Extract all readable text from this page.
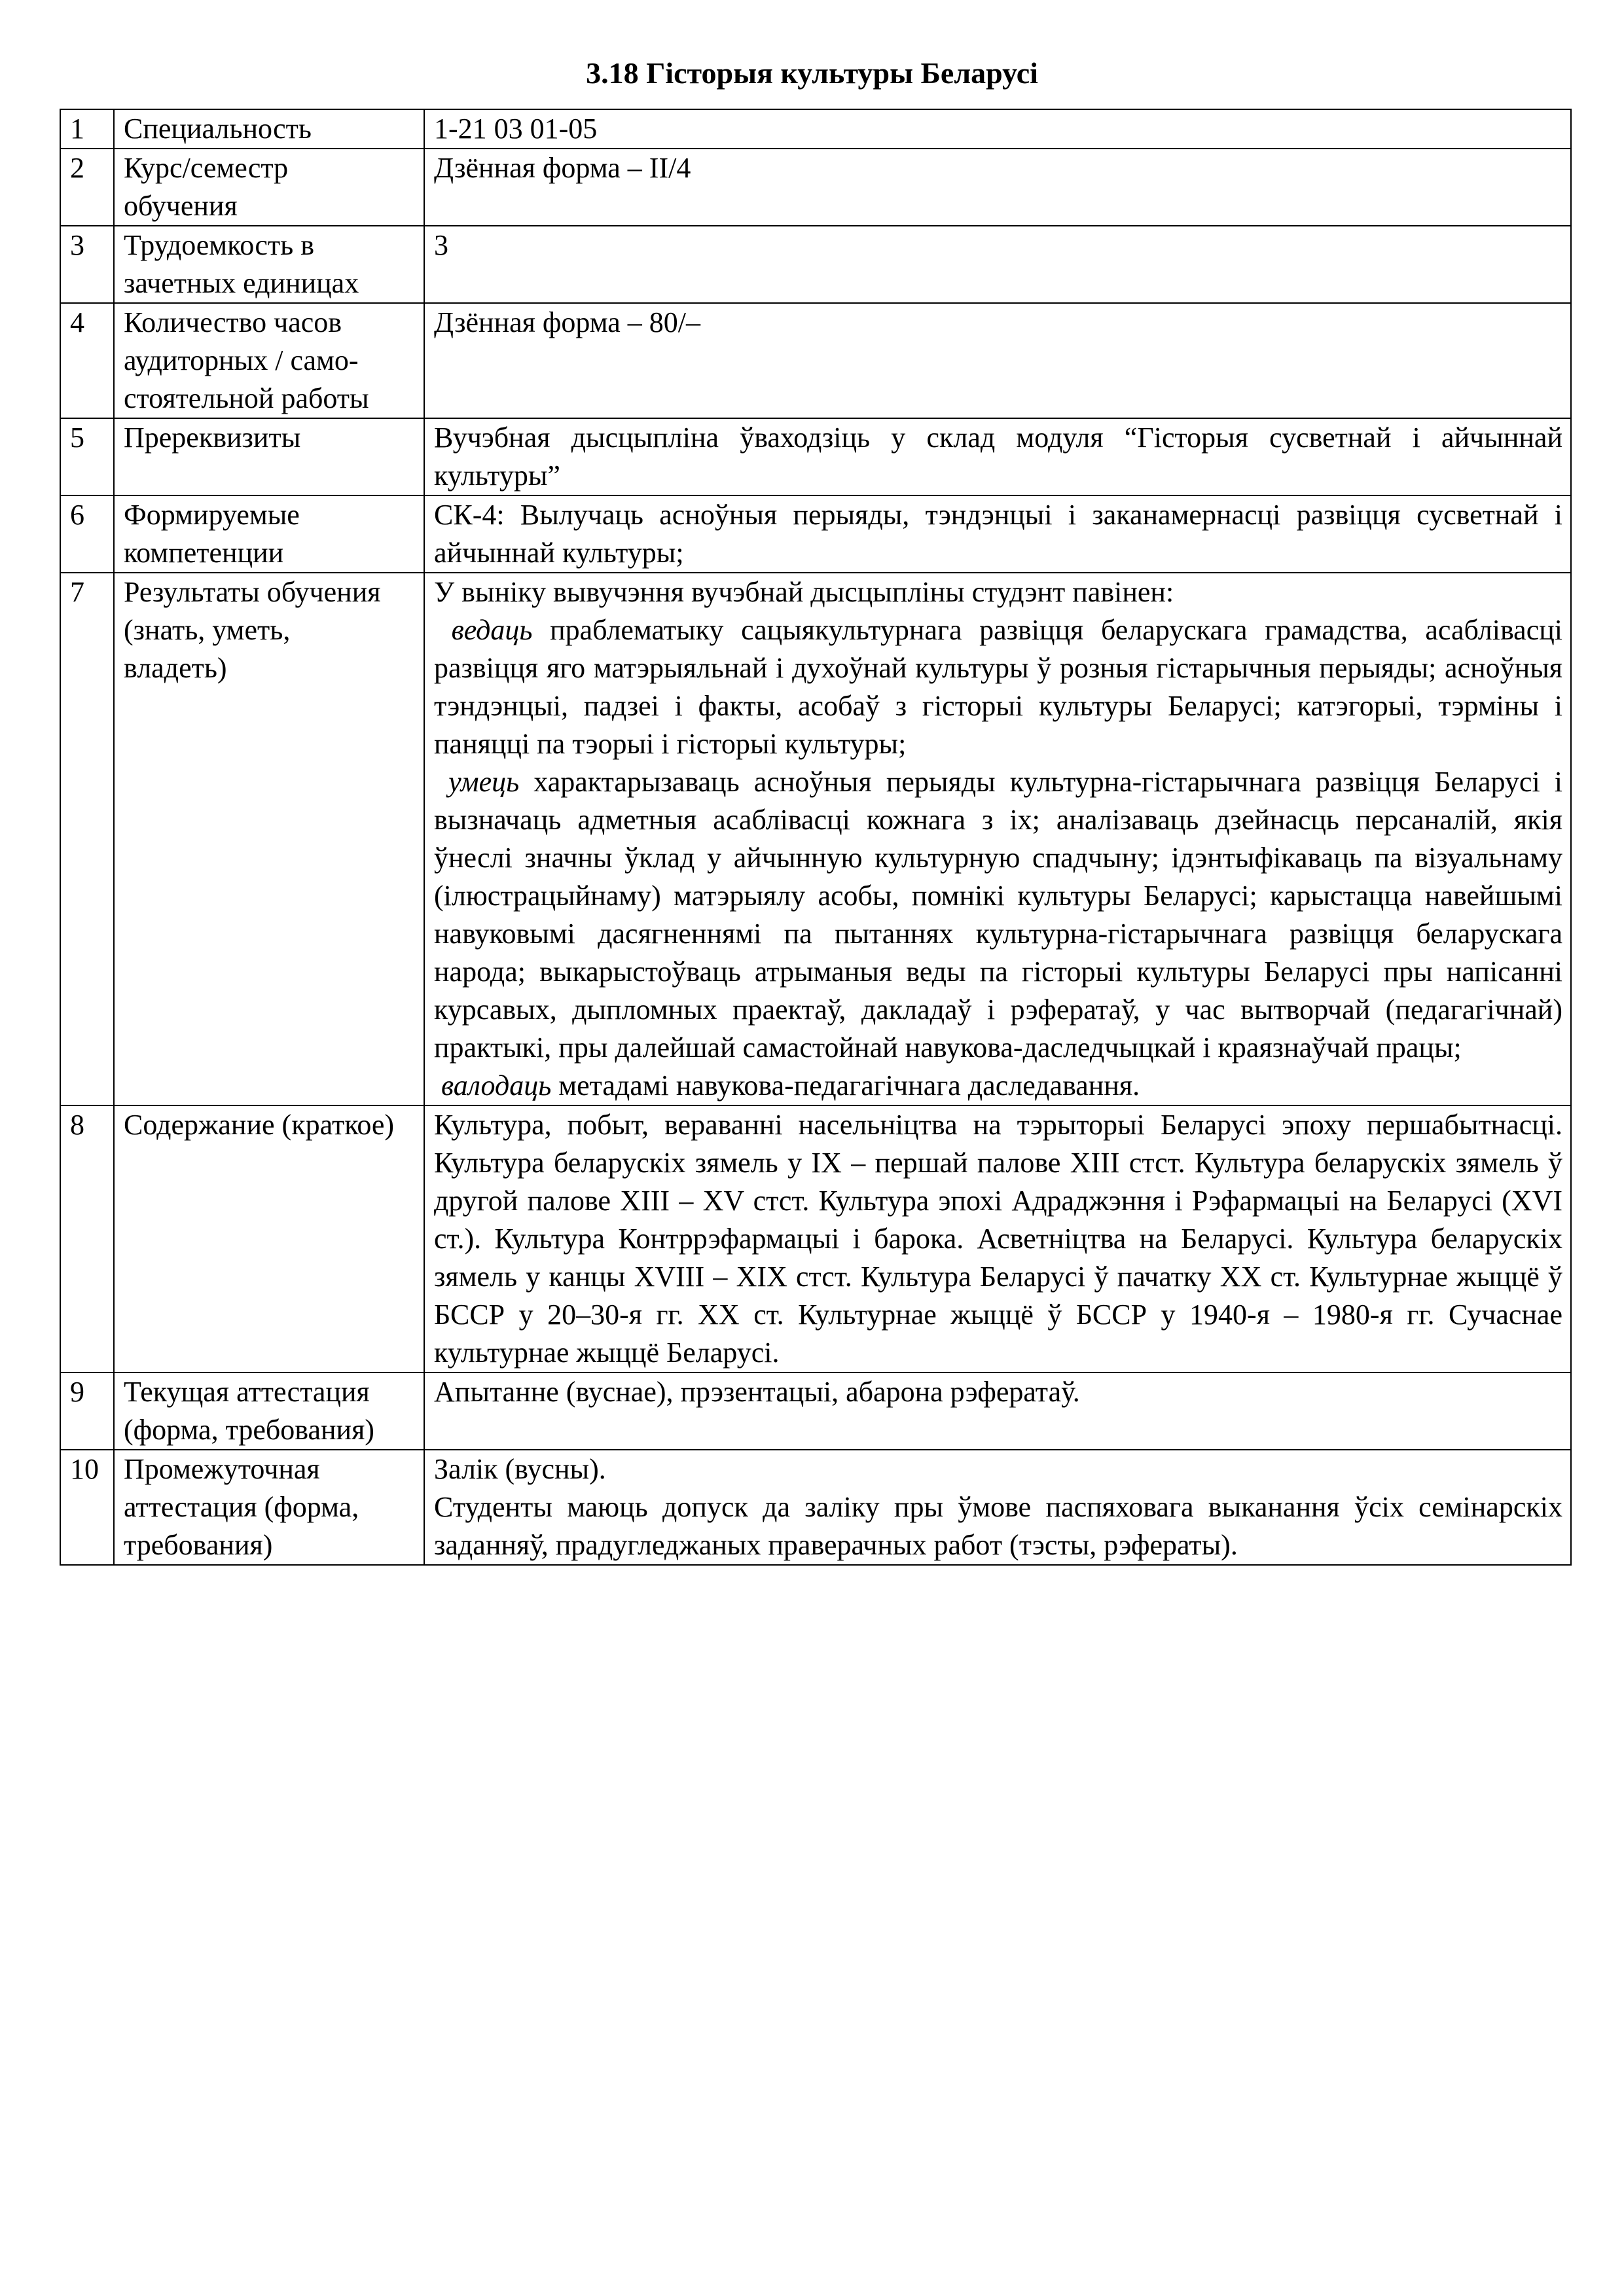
3.18 Гісторыя культуры Беларусі
1	Специальность	1-21 03 01-05
2	Курс/семестр обучения	Дзённая форма – II/4
3	Трудоемкость в зачетных единицах	3
4	Количество часов аудиторных / само-стоятельной работы	Дзённая форма – 80/–
5	Пререквизиты	Вучэбная дысцыпліна ўваходзіць у склад модуля “Гісторыя сусветнай і айчыннай культуры”
6	Формируемые компетенции	СК-4: Вылучаць асноўныя перыяды, тэндэнцыі і заканамернасці развіцця сусветнай і айчыннай культуры;
7	Результаты обучения (знать, уметь, владеть)	У выніку вывучэння вучэбнай дысцыпліны студэнт павінен:

ведаць праблематыку сацыякультурнага развіцця беларускага грамадства, асаблівасці развіцця яго матэрыяльнай і духоўнай культуры ў розныя гістарычныя перыяды; асноўныя тэндэнцыі, падзеі і факты, асобаў з гісторыі культуры Беларусі; катэгорыі, тэрміны і паняцці па тэорыі і гісторыі культуры;

умець характарызаваць асноўныя перыяды культурна-гістарычнага развіцця Беларусі і вызначаць адметныя асаблівасці кожнага з іх; аналізаваць дзейнасць персаналій, якія ўнеслі значны ўклад у айчынную культурную спадчыну; ідэнтыфікаваць па візуальнаму (ілюстрацыйнаму) матэрыялу асобы, помнікі культуры Беларусі; карыстацца навейшымі навуковымі дасягненнямі па пытаннях культурна-гістарычнага развіцця беларускага народа; выкарыстоўваць атрыманыя веды па гісторыі культуры Беларусі пры напісанні курсавых, дыпломных праектаў, дакладаў і рэфератаў, у час вытворчай (педагагічнай) практыкі, пры далейшай самастойнай навукова-даследчыцкай і краязнаўчай працы;

валодаць метадамі навукова-педагагічнага даследавання.

8	Содержание (краткое)	Культура, побыт, вераванні насельніцтва на тэрыторыі Беларусі эпоху першабытнасці. Культура беларускіх зямель у IX – першай палове XIII стст. Культура беларускіх зямель ў другой палове XIII – XV стст. Культура эпохі Адраджэння і Рэфармацыі на Беларусі (XVI ст.). Культура Контррэфармацыі і барока. Асветніцтва на Беларусі. Культура беларускіх зямель у канцы XVIII – XIX стст. Культура Беларусі ў пачатку XX ст. Культурнае жыццё ў БССР у 20–30-я гг. XX ст. Культурнае жыццё ў БССР у 1940-я – 1980-я гг. Сучаснае культурнае жыццё Беларусі.
9	Текущая аттестация (форма, требования)	Апытанне (вуснае), прэзентацыі, абарона рэфератаў.
10	Промежуточная аттестация (форма, требования)	Залік (вусны).

Студенты маюць допуск да заліку пры ўмове паспяховага выканання ўсіх семінарскіх заданняў, прадугледжаных праверачных работ (тэсты, рэфераты).
